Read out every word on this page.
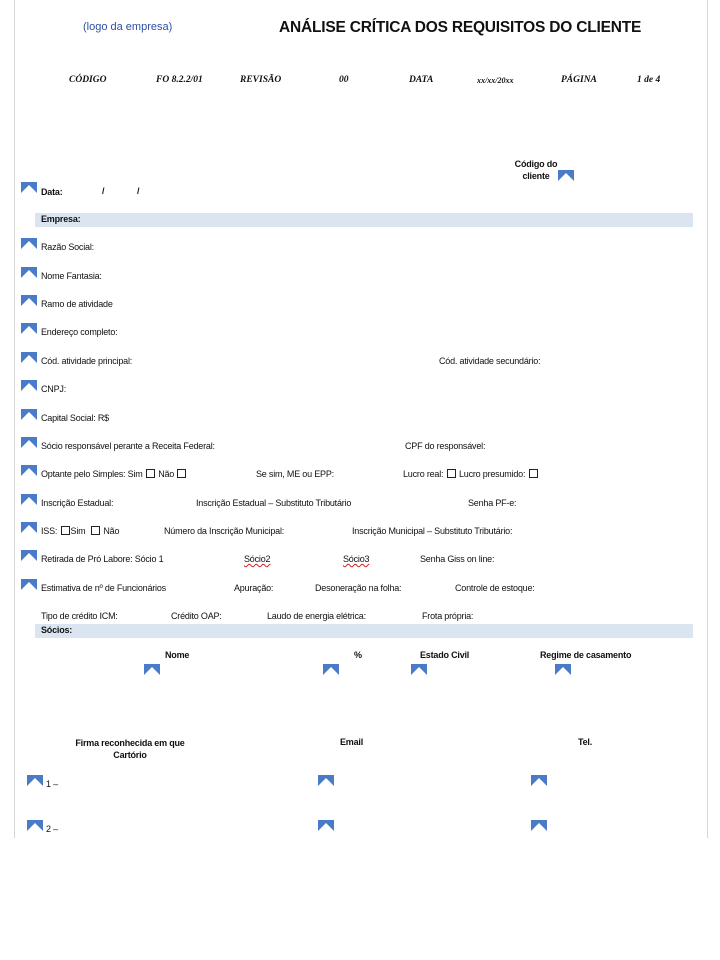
(logo da empresa)	ANÁLISE CRÍTICA DOS REQUISITOS DO CLIENTE
CÓDIGO	FO 8.2.2/01	REVISÃO	00	DATA	xx/xx/20xx	PÁGINA	1 de 4
Código do
cliente
Data:	/	/
Empresa:
Razão Social:
Nome Fantasia:
Ramo de atividade
Endereço completo:
Cód. atividade principal:	Cód. atividade secundário:
CNPJ:
Capital Social: R$
Sócio responsável perante a Receita Federal:	CPF do responsável:
Optante pelo Simples: Sim Não	Se sim, ME ou EPP:	Lucro real: Lucro presumido:
Inscrição Estadual:	Inscrição Estadual – Substituto Tributário	Senha PF-e:
ISS: Sim Não	Número da Inscrição Municipal:	Inscrição Municipal – Substituto Tributário:
Retirada de Pró Labore: Sócio 1	Sócio2	Sócio3	Senha Giss on line:
Estimativa de nº de Funcionários	Apuração:	Desoneração na folha:	Controle de estoque:
Tipo de crédito ICM:	Crédito OAP:	Laudo de energia elétrica:	Frota própria:
Sócios:
Nome	%	Estado Civil	Regime de casamento
Firma reconhecida em que
Cartório
Email	Tel.
1 –
2 –
